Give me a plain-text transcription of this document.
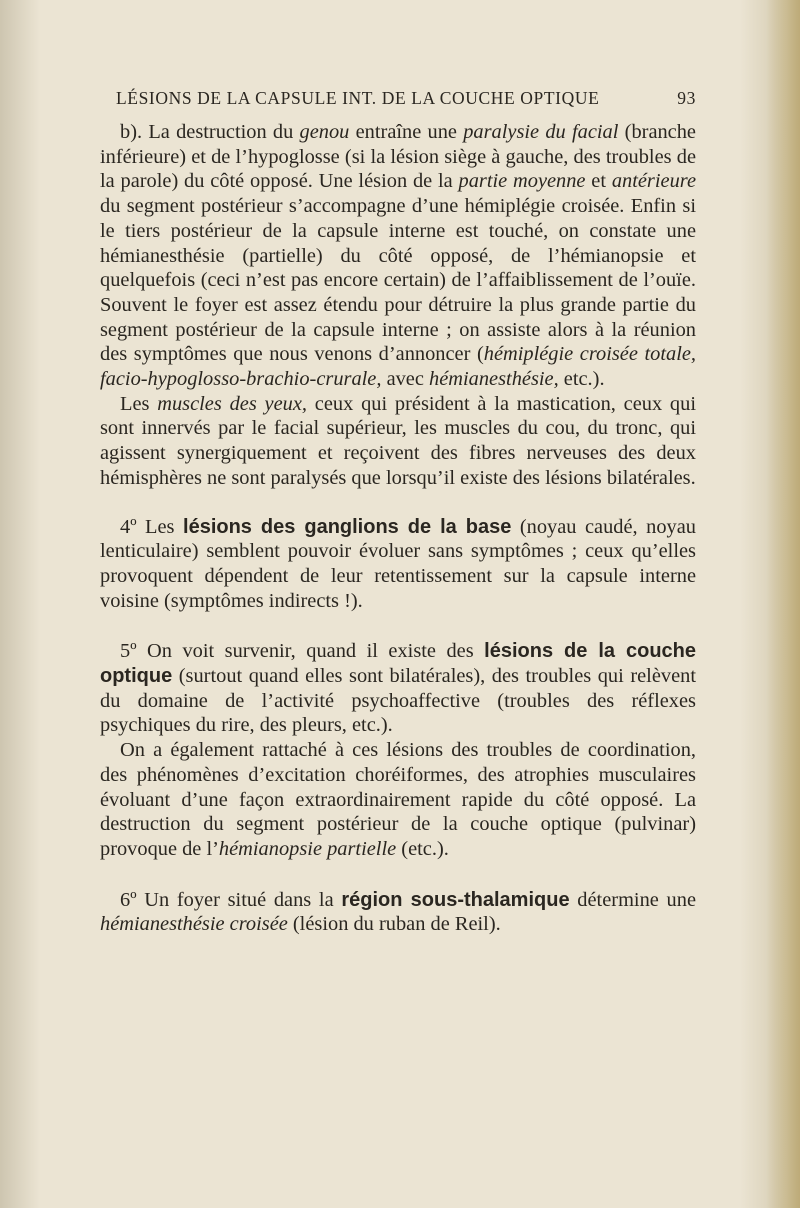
LÉSIONS DE LA CAPSULE INT. DE LA COUCHE OPTIQUE	93

b). La destruction du genou entraîne une paralysie du facial (branche inférieure) et de l’hypoglosse (si la lésion siège à gauche, des troubles de la parole) du côté opposé. Une lésion de la partie moyenne et antérieure du segment postérieur s’accompagne d’une hémiplégie croisée. Enfin si le tiers postérieur de la capsule interne est touché, on constate une hémianesthésie (partielle) du côté opposé, de l’hémianopsie et quelquefois (ceci n’est pas encore certain) de l’affaiblissement de l’ouïe. Souvent le foyer est assez étendu pour détruire la plus grande partie du segment postérieur de la capsule interne ; on assiste alors à la réunion des symptômes que nous venons d’annoncer (hémiplégie croisée totale, facio-hypoglosso-brachio-crurale, avec hémianesthésie, etc.).

Les muscles des yeux, ceux qui président à la mastication, ceux qui sont innervés par le facial supérieur, les muscles du cou, du tronc, qui agissent synergiquement et reçoivent des fibres nerveuses des deux hémisphères ne sont paralysés que lorsqu’il existe des lésions bilatérales.

4º Les lésions des ganglions de la base (noyau caudé, noyau lenticulaire) semblent pouvoir évoluer sans symptômes ; ceux qu’elles provoquent dépendent de leur retentissement sur la capsule interne voisine (symptômes indirects !).

5º On voit survenir, quand il existe des lésions de la couche optique (surtout quand elles sont bilatérales), des troubles qui relèvent du domaine de l’activité psychoaffective (troubles des réflexes psychiques du rire, des pleurs, etc.).

On a également rattaché à ces lésions des troubles de coordination, des phénomènes d’excitation choréiformes, des atrophies musculaires évoluant d’une façon extraordinairement rapide du côté opposé. La destruction du segment postérieur de la couche optique (pulvinar) provoque de l’hémianopsie partielle (etc.).

6º Un foyer situé dans la région sous-thalamique détermine une hémianesthésie croisée (lésion du ruban de Reil).
